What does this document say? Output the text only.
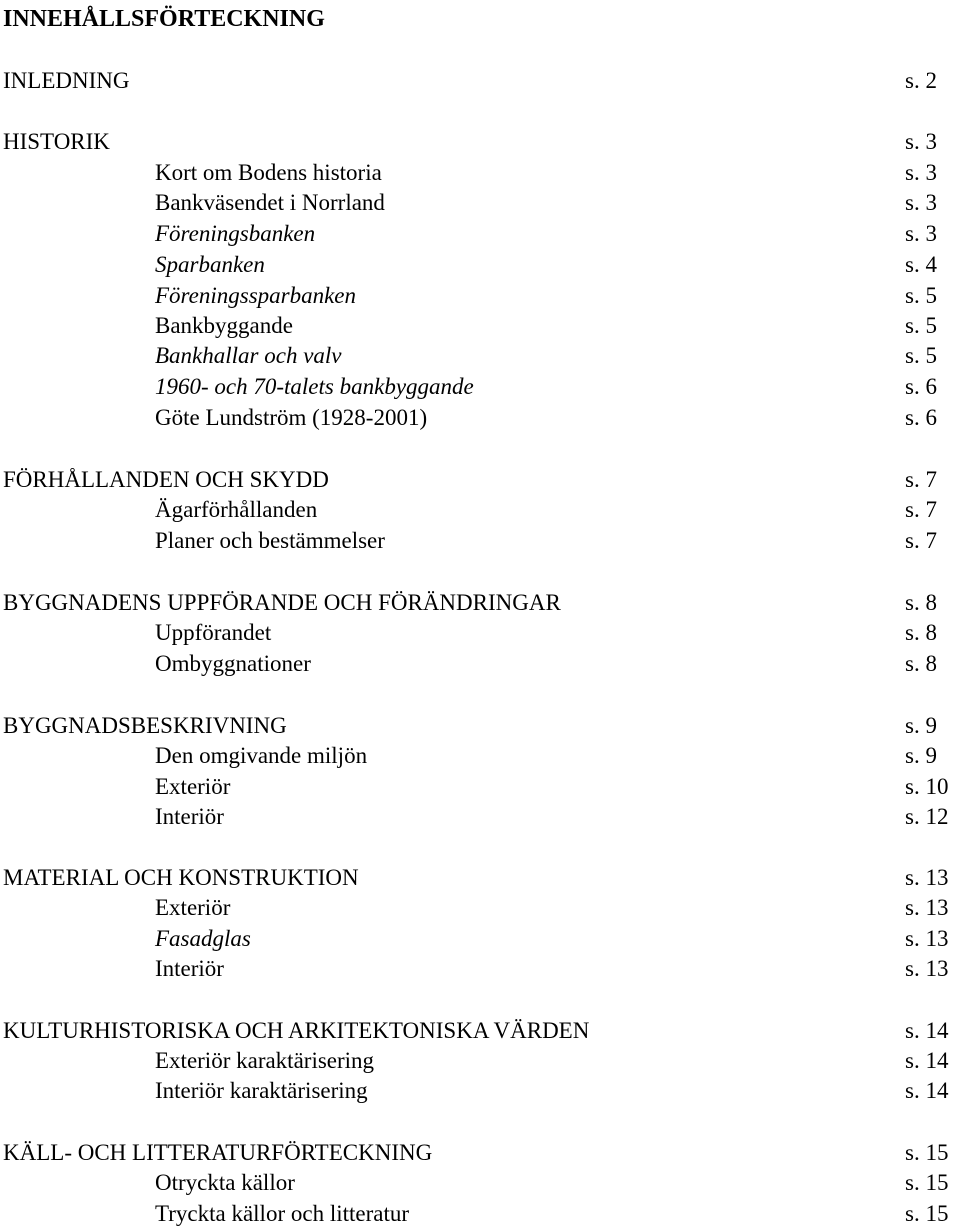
INNEHÅLLSFÖRTECKNING
INLEDNING	s. 2
HISTORIK	s. 3
Kort om Bodens historia	s. 3
Bankväsendet i Norrland	s. 3
Föreningsbanken	s. 3
Sparbanken	s. 4
Föreningssparbanken	s. 5
Bankbyggande	s. 5
Bankhallar och valv	s. 5
1960- och 70-talets bankbyggande	s. 6
Göte Lundström (1928-2001)	s. 6
FÖRHÅLLANDEN OCH SKYDD	s. 7
Ägarförhållanden	s. 7
Planer och bestämmelser	s. 7
BYGGNADENS UPPFÖRANDE OCH FÖRÄNDRINGAR	s. 8
Uppförandet	s. 8
Ombyggnationer	s. 8
BYGGNADSBESKRIVNING	s. 9
Den omgivande miljön	s. 9
Exteriör	s. 10
Interiör	s. 12
MATERIAL OCH KONSTRUKTION	s. 13
Exteriör	s. 13
Fasadglas	s. 13
Interiör	s. 13
KULTURHISTORISKA OCH ARKITEKTONISKA VÄRDEN	s. 14
Exteriör karaktärisering	s. 14
Interiör karaktärisering	s. 14
KÄLL- OCH LITTERATURFÖRTECKNING	s. 15
Otryckta källor	s. 15
Tryckta källor och litteratur	s. 15
